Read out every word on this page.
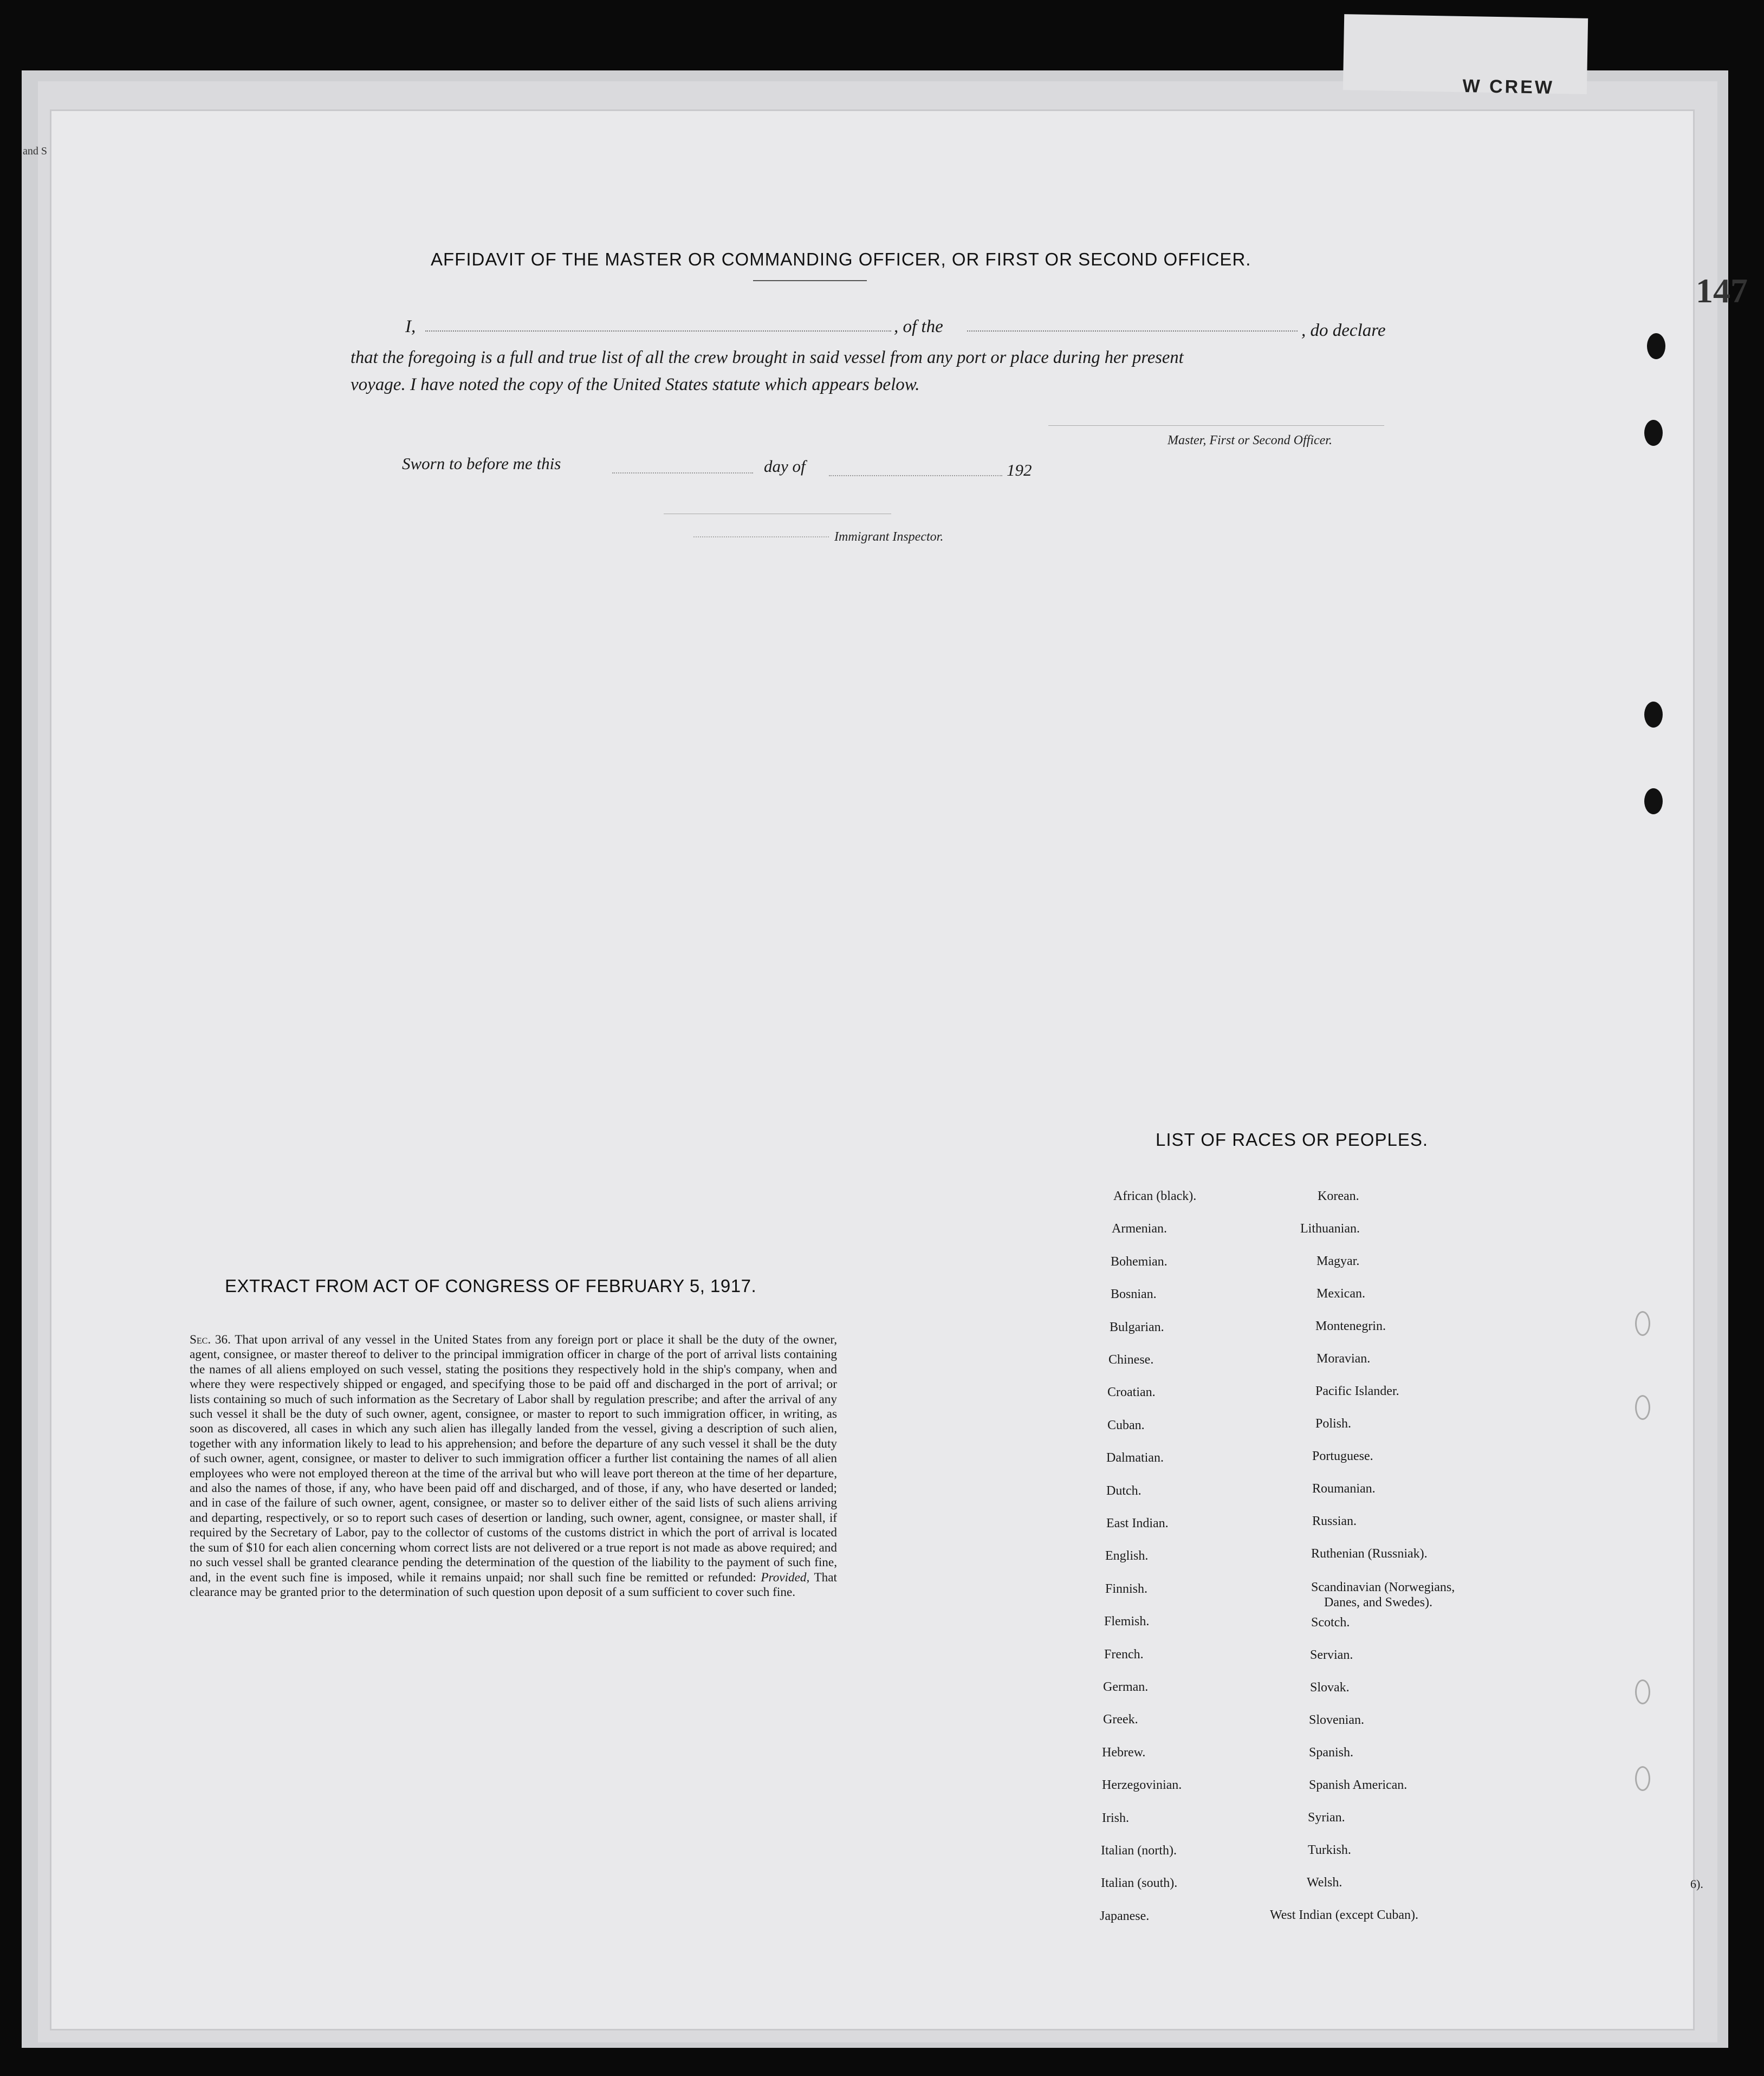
W CREW
and S
147
6).
AFFIDAVIT OF THE MASTER OR COMMANDING OFFICER, OR FIRST OR SECOND OFFICER.
I,	, of the	, do declare
that the foregoing is a full and true list of all the crew brought in said vessel from any port or place during her present
voyage. I have noted the copy of the United States statute which appears below.
Master, First or Second Officer.
Sworn to before me this	day of	192
Immigrant Inspector.
EXTRACT FROM ACT OF CONGRESS OF FEBRUARY 5, 1917.
Sec. 36. That upon arrival of any vessel in the United States from any foreign port or place it shall be the duty of the owner, agent, consignee, or master thereof to deliver to the principal immigration officer in charge of the port of arrival lists containing the names of all aliens employed on such vessel, stating the positions they respectively hold in the ship's company, when and where they were respectively shipped or engaged, and specifying those to be paid off and discharged in the port of arrival; or lists containing so much of such information as the Secretary of Labor shall by regulation prescribe; and after the arrival of any such vessel it shall be the duty of such owner, agent, consignee, or master to report to such immigration officer, in writing, as soon as discovered, all cases in which any such alien has illegally landed from the vessel, giving a description of such alien, together with any information likely to lead to his apprehension; and before the departure of any such vessel it shall be the duty of such owner, agent, consignee, or master to deliver to such immigration officer a further list containing the names of all alien employees who were not employed thereon at the time of the arrival but who will leave port thereon at the time of her departure, and also the names of those, if any, who have been paid off and discharged, and of those, if any, who have deserted or landed; and in case of the failure of such owner, agent, consignee, or master so to deliver either of the said lists of such aliens arriving and departing, respectively, or so to report such cases of desertion or landing, such owner, agent, consignee, or master shall, if required by the Secretary of Labor, pay to the collector of customs of the customs district in which the port of arrival is located the sum of $10 for each alien concerning whom correct lists are not delivered or a true report is not made as above required; and no such vessel shall be granted clearance pending the determination of the question of the liability to the payment of such fine, and, in the event such fine is imposed, while it remains unpaid; nor shall such fine be remitted or refunded: Provided, That clearance may be granted prior to the determination of such question upon deposit of a sum sufficient to cover such fine.
LIST OF RACES OR PEOPLES.
African (black).
Armenian.
Bohemian.
Bosnian.
Bulgarian.
Chinese.
Croatian.
Cuban.
Dalmatian.
Dutch.
East Indian.
English.
Finnish.
Flemish.
French.
German.
Greek.
Hebrew.
Herzegovinian.
Irish.
Italian (north).
Italian (south).
Japanese.
Korean.
Lithuanian.
Magyar.
Mexican.
Montenegrin.
Moravian.
Pacific Islander.
Polish.
Portuguese.
Roumanian.
Russian.
Ruthenian (Russniak).
Scandinavian (Norwegians,
Danes, and Swedes).
Scotch.
Servian.
Slovak.
Slovenian.
Spanish.
Spanish American.
Syrian.
Turkish.
Welsh.
West Indian (except Cuban).
